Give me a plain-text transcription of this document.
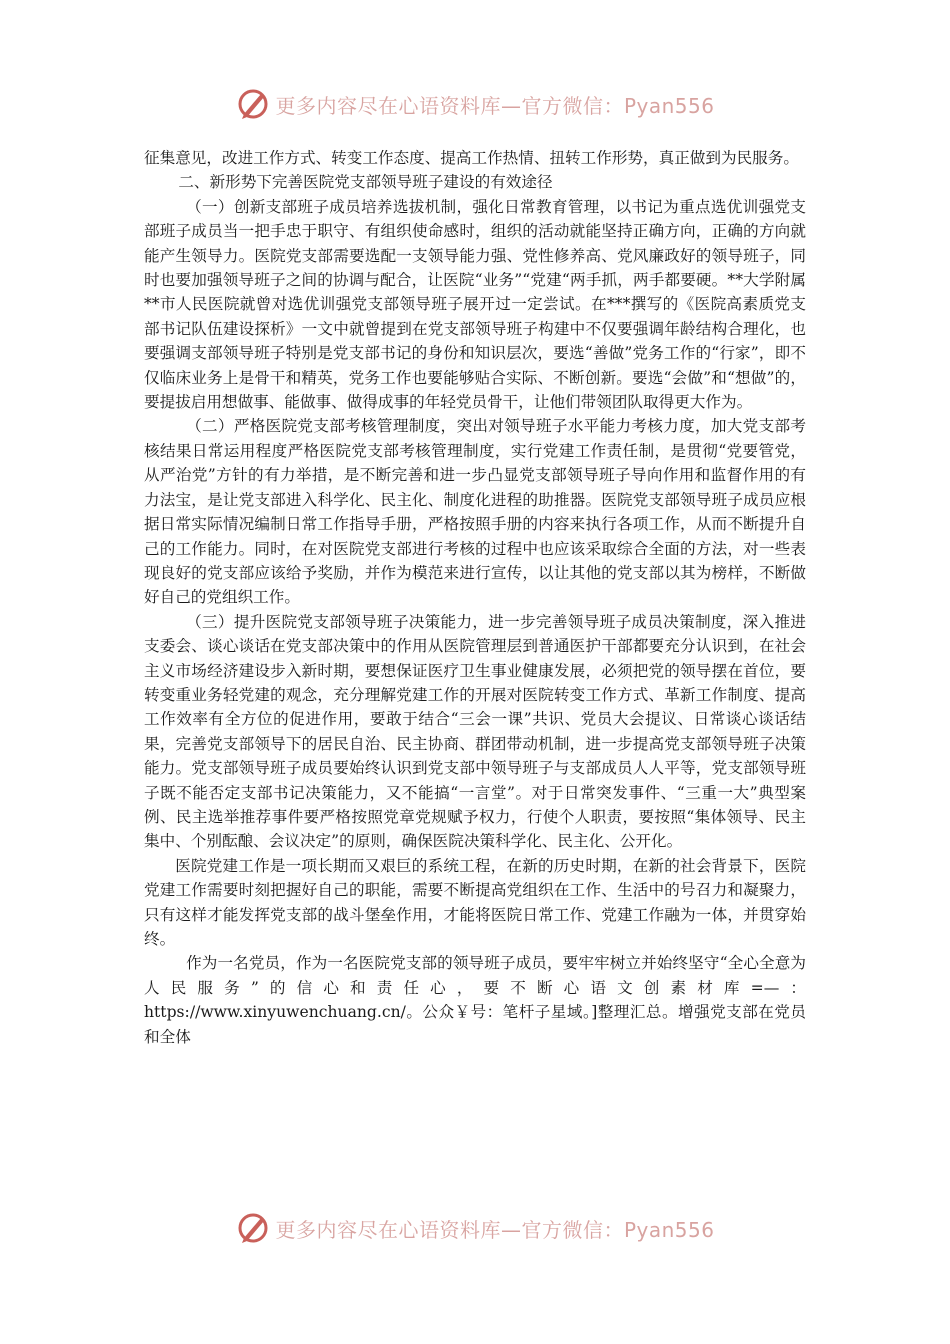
更多内容尽在心语资料库—官方微信：Pyan556

征集意见，改进工作方式、转变工作态度、提高工作热情、扭转工作形势，真正做到为民服务。

二、新形势下完善医院党支部领导班子建设的有效途径

（一）创新支部班子成员培养选拔机制，强化日常教育管理，以书记为重点选优训强党支部班子成员当一把手忠于职守、有组织使命感时，组织的活动就能坚持正确方向，正确的方向就能产生领导力。医院党支部需要选配一支领导能力强、党性修养高、党风廉政好的领导班子，同时也要加强领导班子之间的协调与配合，让医院“业务”“党建“两手抓，两手都要硬。**大学附属**市人民医院就曾对选优训强党支部领导班子展开过一定尝试。在***撰写的《医院高素质党支部书记队伍建设探析》一文中就曾提到在党支部领导班子构建中不仅要强调年龄结构合理化，也要强调支部领导班子特别是党支部书记的身份和知识层次，要选“善做”党务工作的“行家”，即不仅临床业务上是骨干和精英，党务工作也要能够贴合实际、不断创新。要选“会做”和“想做”的，要提拔启用想做事、能做事、做得成事的年轻党员骨干，让他们带领团队取得更大作为。

（二）严格医院党支部考核管理制度，突出对领导班子水平能力考核力度，加大党支部考核结果日常运用程度严格医院党支部考核管理制度，实行党建工作责任制，是贯彻“党要管党，从严治党”方针的有力举措，是不断完善和进一步凸显党支部领导班子导向作用和监督作用的有力法宝，是让党支部进入科学化、民主化、制度化进程的助推器。医院党支部领导班子成员应根据日常实际情况编制日常工作指导手册，严格按照手册的内容来执行各项工作，从而不断提升自己的工作能力。同时，在对医院党支部进行考核的过程中也应该采取综合全面的方法，对一些表现良好的党支部应该给予奖励，并作为模范来进行宣传，以让其他的党支部以其为榜样，不断做好自己的党组织工作。

（三）提升医院党支部领导班子决策能力，进一步完善领导班子成员决策制度，深入推进支委会、谈心谈话在党支部决策中的作用从医院管理层到普通医护干部都要充分认识到，在社会主义市场经济建设步入新时期，要想保证医疗卫生事业健康发展，必须把党的领导摆在首位，要转变重业务轻党建的观念，充分理解党建工作的开展对医院转变工作方式、革新工作制度、提高工作效率有全方位的促进作用，要敢于结合“三会一课”共识、党员大会提议、日常谈心谈话结果，完善党支部领导下的居民自治、民主协商、群团带动机制，进一步提高党支部领导班子决策能力。党支部领导班子成员要始终认识到党支部中领导班子与支部成员人人平等，党支部领导班子既不能否定支部书记决策能力，又不能搞“一言堂”。对于日常突发事件、“三重一大”典型案例、民主选举推荐事件要严格按照党章党规赋予权力，行使个人职责，要按照“集体领导、民主集中、个别酝酿、会议决定”的原则，确保医院决策科学化、民主化、公开化。

医院党建工作是一项长期而又艰巨的系统工程，在新的历史时期，在新的社会背景下，医院党建工作需要时刻把握好自己的职能，需要不断提高党组织在工作、生活中的号召力和凝聚力，只有这样才能发挥党支部的战斗堡垒作用，才能将医院日常工作、党建工作融为一体，并贯穿始终。

作为一名党员，作为一名医院党支部的领导班子成员，要牢牢树立并始终坚守“全心全意为人民服务”的信心和责任心，要不断心语文创素材库=—：https://www.xinyuwenchuang.cn/。公众￥号：笔杆子星域。]整理汇总。增强党支部在党员和全体

更多内容尽在心语资料库—官方微信：Pyan556
